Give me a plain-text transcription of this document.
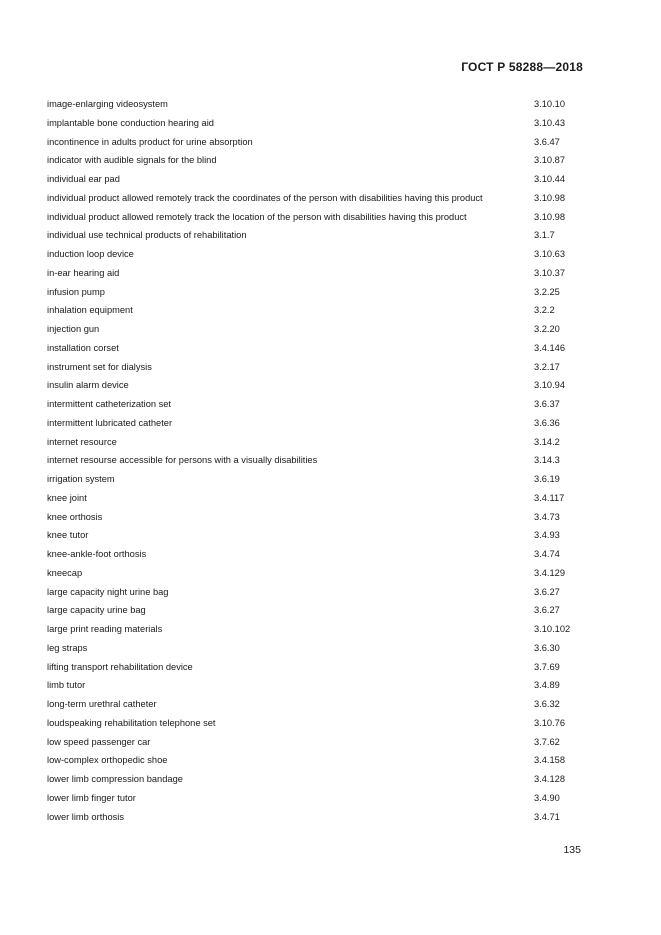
ГОСТ Р 58288—2018
image-enlarging videosystem	3.10.10
implantable bone conduction hearing aid	3.10.43
incontinence in adults product for urine absorption	3.6.47
indicator with audible signals for the blind	3.10.87
individual ear pad	3.10.44
individual product allowed remotely track the coordinates of the person with disabilities having this product	3.10.98
individual product allowed remotely track the location of the person with disabilities having this product	3.10.98
individual use technical products of rehabilitation	3.1.7
induction loop device	3.10.63
in-ear hearing aid	3.10.37
infusion pump	3.2.25
inhalation equipment	3.2.2
injection gun	3.2.20
installation corset	3.4.146
instrument set for dialysis	3.2.17
insulin alarm device	3.10.94
intermittent catheterization set	3.6.37
intermittent lubricated catheter	3.6.36
internet resource	3.14.2
internet resourse accessible for persons with a visually disabilities	3.14.3
irrigation system	3.6.19
knee joint	3.4.117
knee orthosis	3.4.73
knee tutor	3.4.93
knee-ankle-foot orthosis	3.4.74
kneecap	3.4.129
large capacity night urine bag	3.6.27
large capacity urine bag	3.6.27
large print reading materials	3.10.102
leg straps	3.6.30
lifting transport rehabilitation device	3.7.69
limb tutor	3.4.89
long-term urethral catheter	3.6.32
loudspeaking rehabilitation telephone set	3.10.76
low speed passenger car	3.7.62
low-complex orthopedic shoe	3.4.158
lower limb compression bandage	3.4.128
lower limb finger tutor	3.4.90
lower limb orthosis	3.4.71
135
